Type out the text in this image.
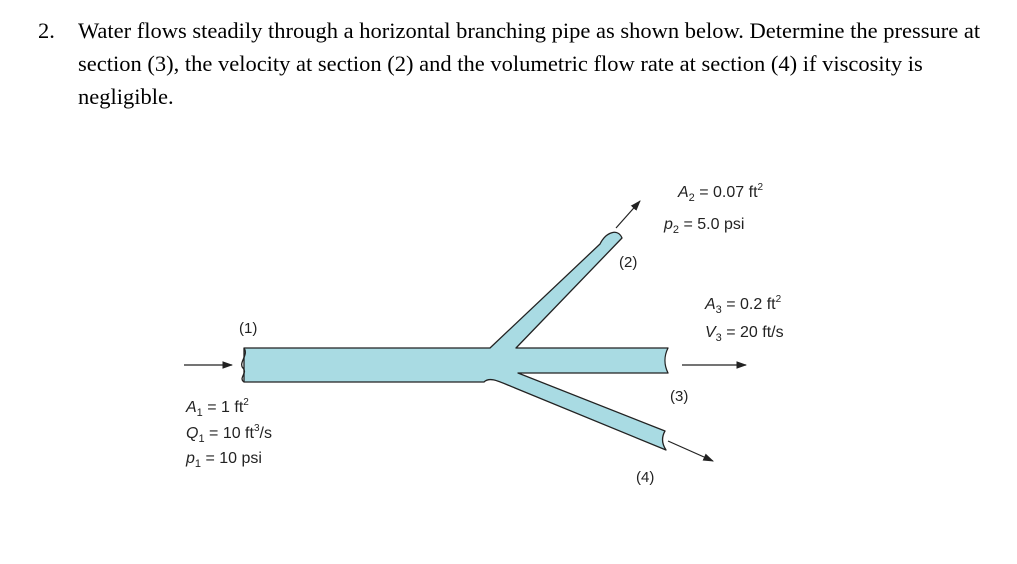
2. Water flows steadily through a horizontal branching pipe as shown below. Determine the pressure at section (3), the velocity at section (2) and the volumetric flow rate at section (4) if viscosity is negligible.
(1)
(2)
(3)
(4)
$A_2 = 0.07$ $ft^2$
$p_2 = 5.0$ psi
$A_3 = 0.2$ $ft^2$
$V_3 = 20$ ft/s
$A_1 = 1$ $ft^2$
$Q_1 = 10$ $ft^3/s$
$p_1 = 10$ psi
